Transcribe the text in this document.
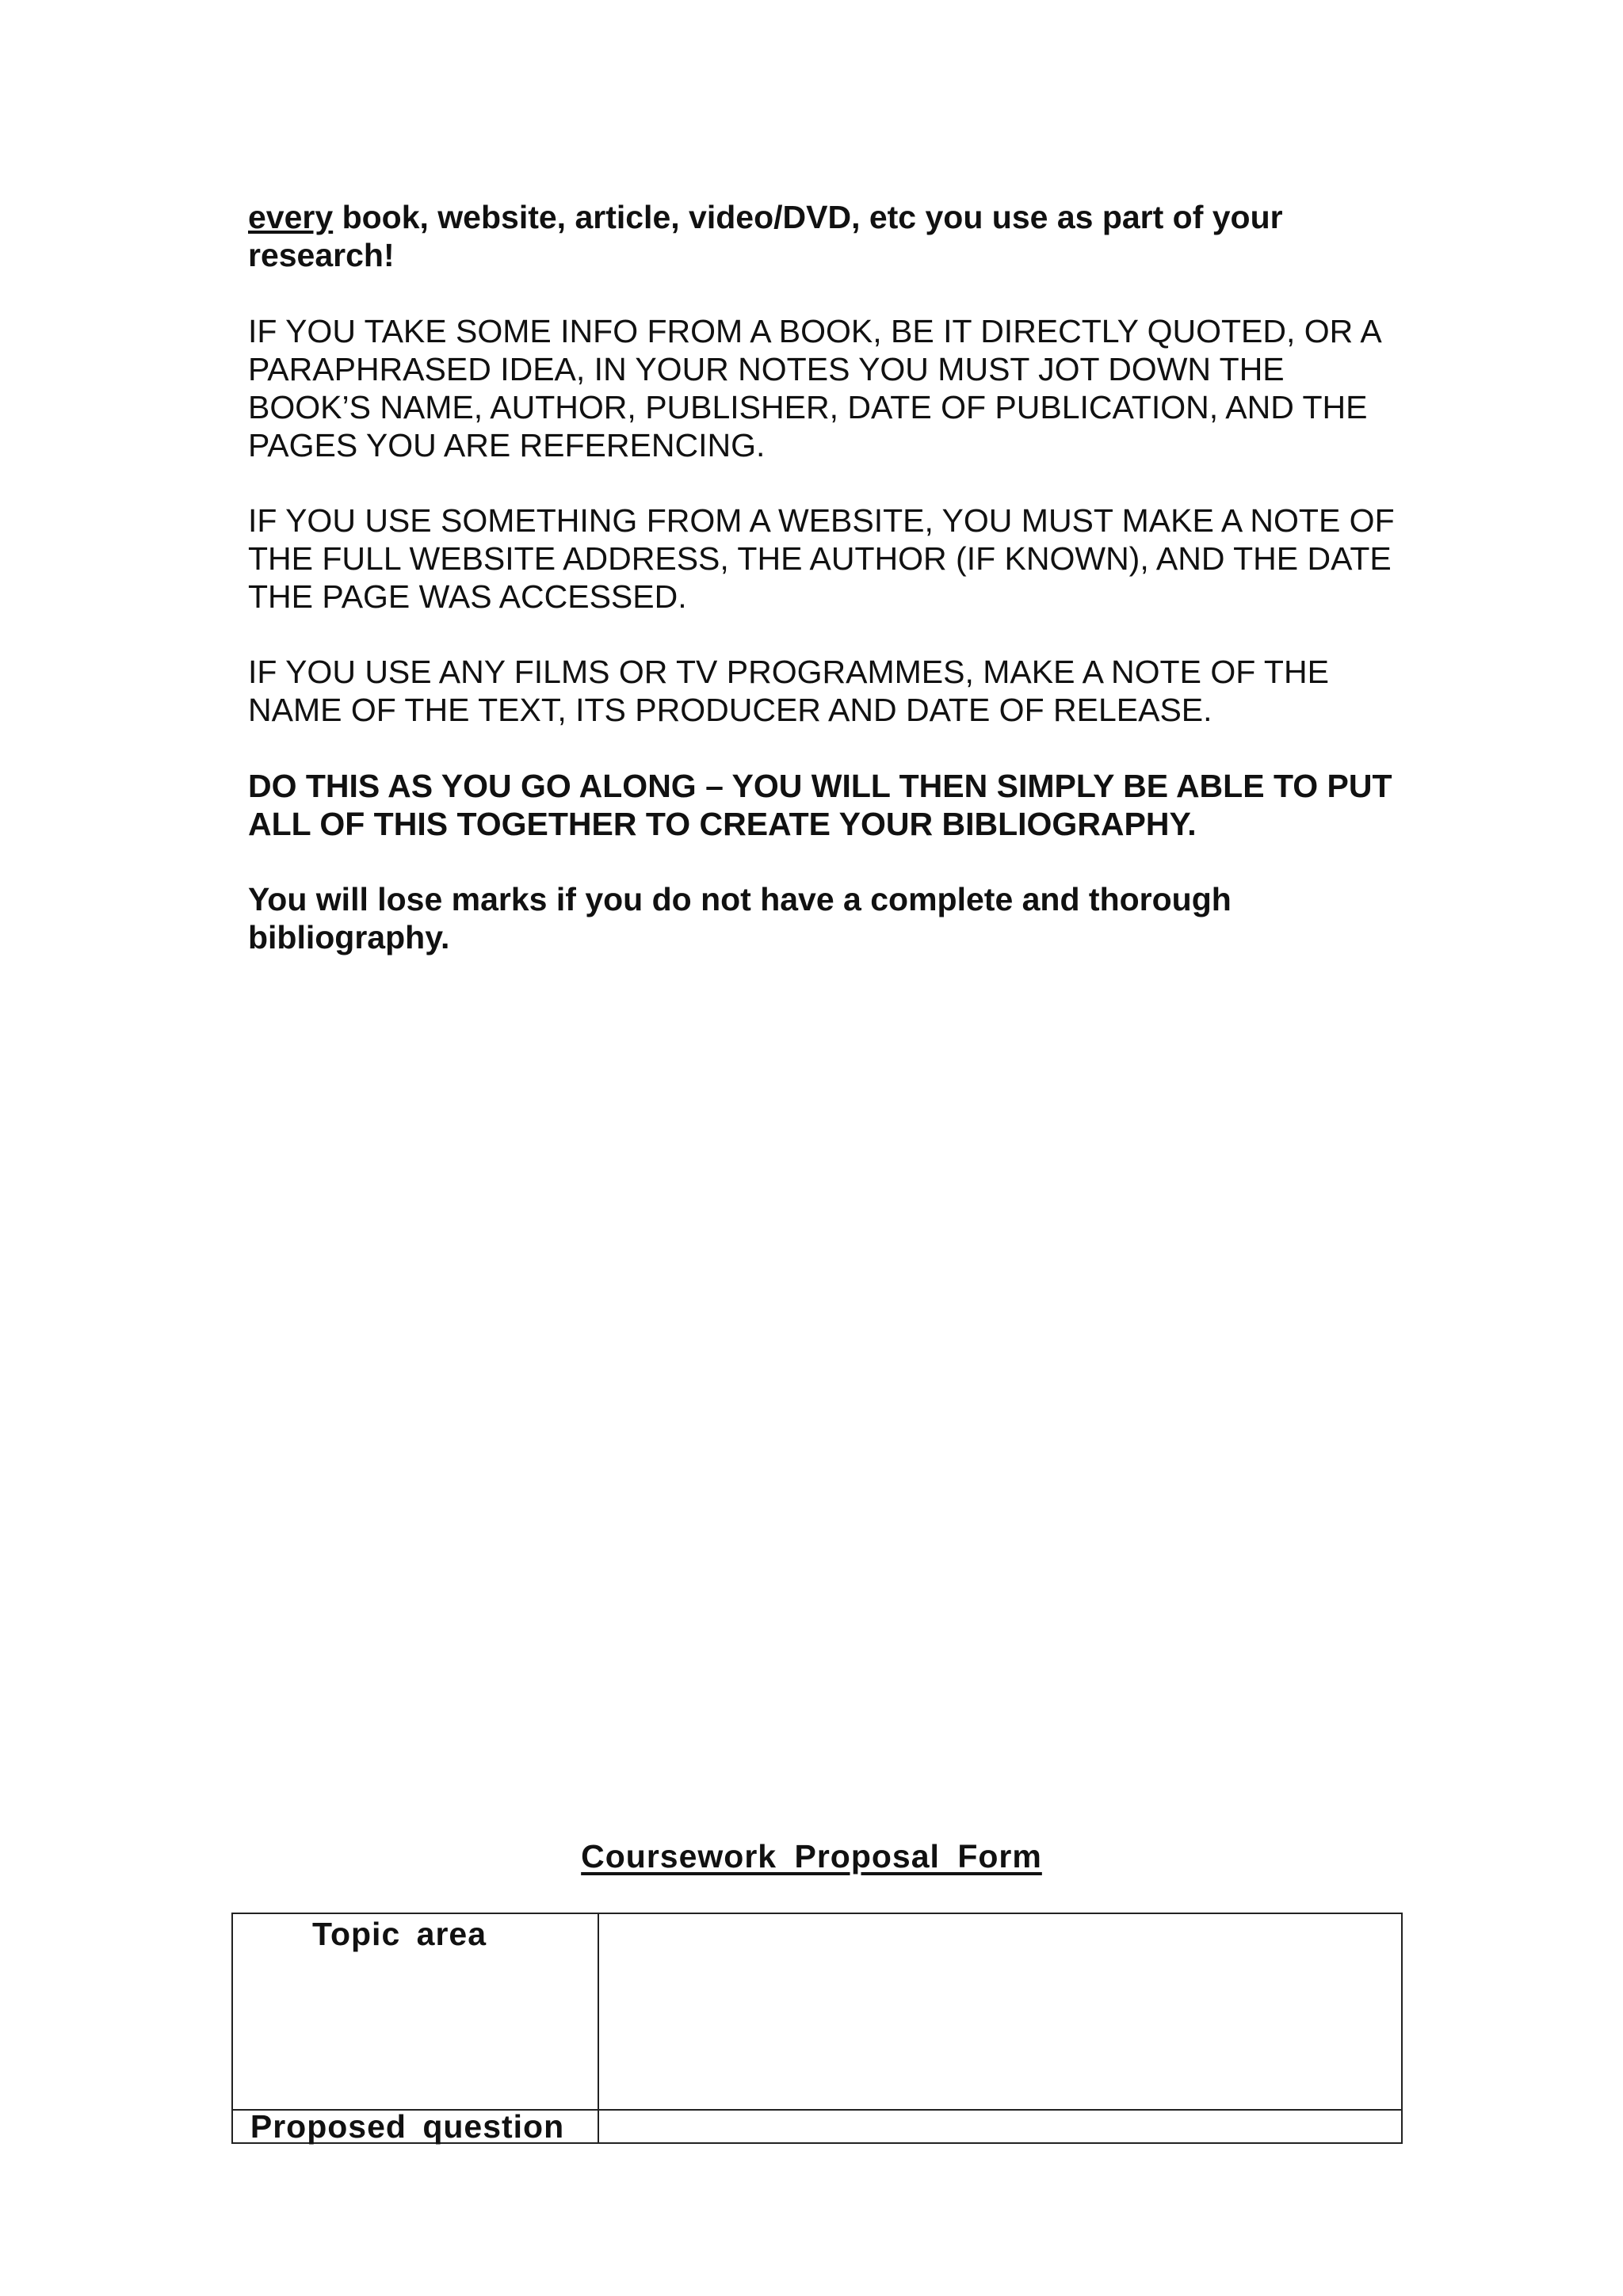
every book, website, article, video/DVD, etc you use as part of your research!

IF YOU TAKE SOME INFO FROM A BOOK, BE IT DIRECTLY QUOTED, OR A PARAPHRASED IDEA, IN YOUR NOTES YOU MUST JOT DOWN THE BOOK’S NAME, AUTHOR, PUBLISHER, DATE OF PUBLICATION, AND THE PAGES YOU ARE REFERENCING.

IF YOU USE SOMETHING FROM A WEBSITE, YOU MUST MAKE A NOTE OF THE FULL WEBSITE ADDRESS, THE AUTHOR (IF KNOWN), AND THE DATE THE PAGE WAS ACCESSED.

IF YOU USE ANY FILMS OR TV PROGRAMMES, MAKE A NOTE OF THE NAME OF THE TEXT, ITS PRODUCER AND DATE OF RELEASE.

DO THIS AS YOU GO ALONG – YOU WILL THEN SIMPLY BE ABLE TO PUT ALL OF THIS TOGETHER TO CREATE YOUR BIBLIOGRAPHY.

You will lose marks if you do not have a complete and thorough bibliography.

Coursework Proposal Form
Topic area	

Proposed question	
